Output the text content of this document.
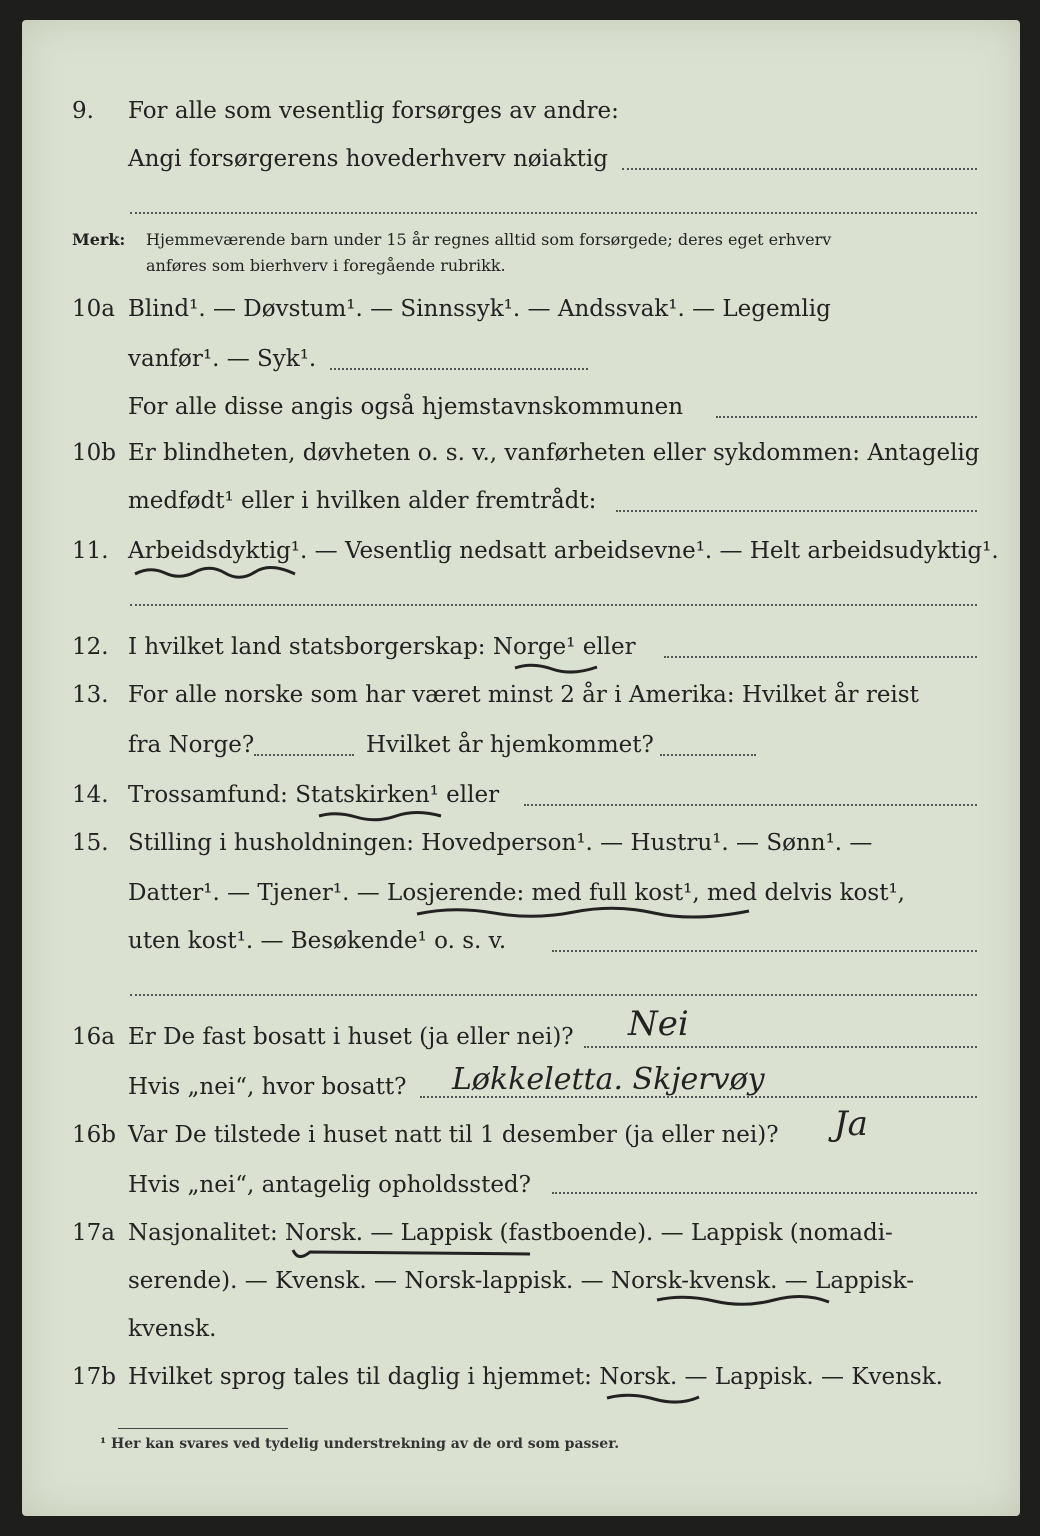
9. For alle som vesentlig forsørges av andre:
Angi forsørgerens hovederhverv nøiaktig
Merk: Hjemmeværende barn under 15 år regnes alltid som forsørgede; deres eget erhverv
anføres som bierhverv i foregående rubrikk.
10a Blind¹. — Døvstum¹. — Sinnssyk¹. — Andssvak¹. — Legemlig
vanfør¹. — Syk¹.
For alle disse angis også hjemstavnskommunen
10b Er blindheten, døvheten o. s. v., vanførheten eller sykdommen: Antagelig
medfødt¹ eller i hvilken alder fremtrådt:
11. Arbeidsdyktig¹. — Vesentlig nedsatt arbeidsevne¹. — Helt arbeidsudyktig¹.
12. I hvilket land statsborgerskap: Norge¹ eller
13. For alle norske som har været minst 2 år i Amerika: Hvilket år reist
fra Norge?	Hvilket år hjemkommet?
14. Trossamfund: Statskirken¹ eller
15. Stilling i husholdningen: Hovedperson¹. — Hustru¹. — Sønn¹. —
Datter¹. — Tjener¹. — Losjerende: med full kost¹, med delvis kost¹,
uten kost¹. — Besøkende¹ o. s. v.
16a Er De fast bosatt i huset (ja eller nei)? Nei
Hvis „nei“, hvor bosatt? Løkkeletta. Skjervøy
16b Var De tilstede i huset natt til 1 desember (ja eller nei)? Ja
Hvis „nei“, antagelig opholdssted?
17a Nasjonalitet: Norsk. — Lappisk (fastboende). — Lappisk (nomadi-
serende). — Kvensk. — Norsk-lappisk. — Norsk-kvensk. — Lappisk-
kvensk.
17b Hvilket sprog tales til daglig i hjemmet: Norsk. — Lappisk. — Kvensk.
¹ Her kan svares ved tydelig understrekning av de ord som passer.
